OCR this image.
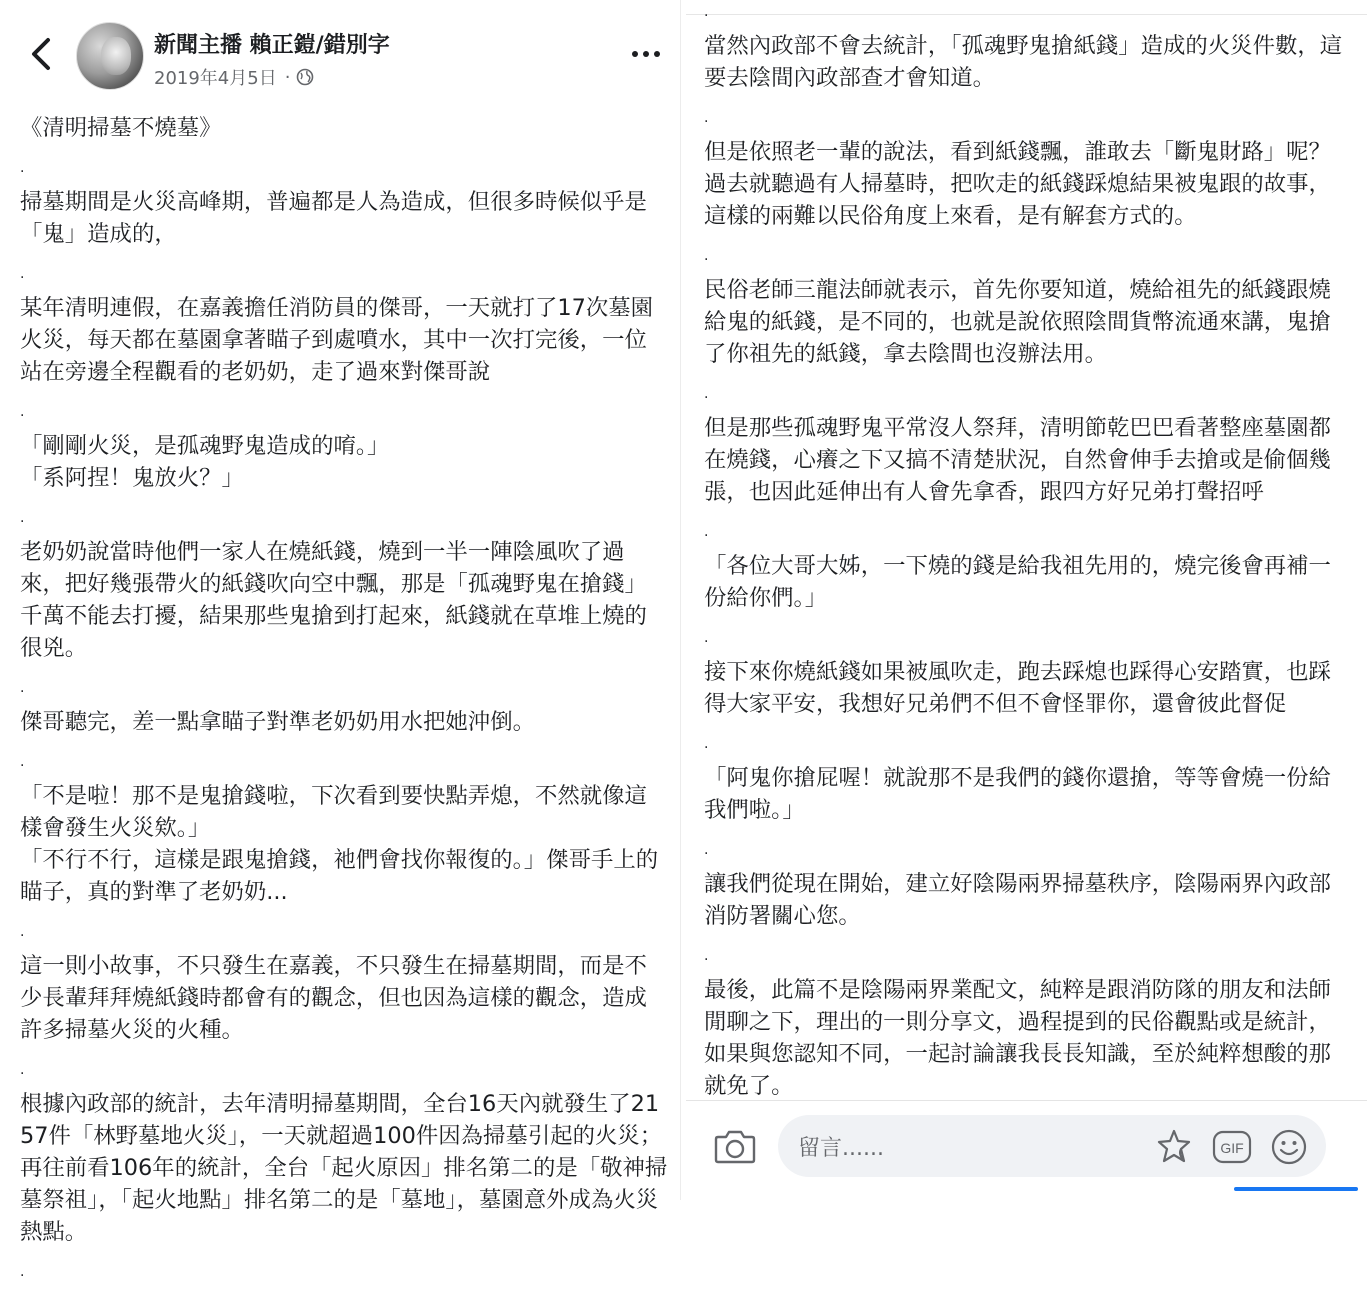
新聞主播 賴正鎧/錯別字
2019年4月5日 ·

《清明掃墓不燒墓》

.

掃墓期間是火災高峰期，普遍都是人為造成，但很多時候似乎是「鬼」造成的，

.

某年清明連假，在嘉義擔任消防員的傑哥，一天就打了17次墓園火災，每天都在墓園拿著瞄子到處噴水，其中一次打完後，一位站在旁邊全程觀看的老奶奶，走了過來對傑哥說

.

「剛剛火災，是孤魂野鬼造成的唷。」
「系阿捏！鬼放火？」

.

老奶奶說當時他們一家人在燒紙錢，燒到一半一陣陰風吹了過來，把好幾張帶火的紙錢吹向空中飄，那是「孤魂野鬼在搶錢」千萬不能去打擾，結果那些鬼搶到打起來，紙錢就在草堆上燒的很兇。

.

傑哥聽完，差一點拿瞄子對準老奶奶用水把她沖倒。

.

「不是啦！那不是鬼搶錢啦，下次看到要快點弄熄，不然就像這樣會發生火災欸。」
「不行不行，這樣是跟鬼搶錢，祂們會找你報復的。」傑哥手上的瞄子，真的對準了老奶奶...

.

這一則小故事，不只發生在嘉義，不只發生在掃墓期間，而是不少長輩拜拜燒紙錢時都會有的觀念，但也因為這樣的觀念，造成許多掃墓火災的火種。

.

根據內政部的統計，去年清明掃墓期間，全台16天內就發生了2157件「林野墓地火災」，一天就超過100件因為掃墓引起的火災；再往前看106年的統計，全台「起火原因」排名第二的是「敬神掃墓祭祖」，「起火地點」排名第二的是「墓地」，墓園意外成為火災熱點。

.
.

當然內政部不會去統計，「孤魂野鬼搶紙錢」造成的火災件數，這要去陰間內政部查才會知道。

.

但是依照老一輩的說法，看到紙錢飄，誰敢去「斷鬼財路」呢？過去就聽過有人掃墓時，把吹走的紙錢踩熄結果被鬼跟的故事，這樣的兩難以民俗角度上來看，是有解套方式的。

.

民俗老師三龍法師就表示，首先你要知道，燒給祖先的紙錢跟燒給鬼的紙錢，是不同的，也就是說依照陰間貨幣流通來講，鬼搶了你祖先的紙錢，拿去陰間也沒辦法用。

.

但是那些孤魂野鬼平常沒人祭拜，清明節乾巴巴看著整座墓園都在燒錢，心癢之下又搞不清楚狀況，自然會伸手去搶或是偷個幾張，也因此延伸出有人會先拿香，跟四方好兄弟打聲招呼

.

「各位大哥大姊，一下燒的錢是給我祖先用的，燒完後會再補一份給你們。」

.

接下來你燒紙錢如果被風吹走，跑去踩熄也踩得心安踏實，也踩得大家平安，我想好兄弟們不但不會怪罪你，還會彼此督促

.

「阿鬼你搶屁喔！就說那不是我們的錢你還搶，等等會燒一份給我們啦。」

.

讓我們從現在開始，建立好陰陽兩界掃墓秩序，陰陽兩界內政部消防署關心您。

.

最後，此篇不是陰陽兩界業配文，純粹是跟消防隊的朋友和法師閒聊之下，理出的一則分享文，過程提到的民俗觀點或是統計，如果與您認知不同，一起討論讓我長長知識，至於純粹想酸的那就免了。

留言......	GIF
